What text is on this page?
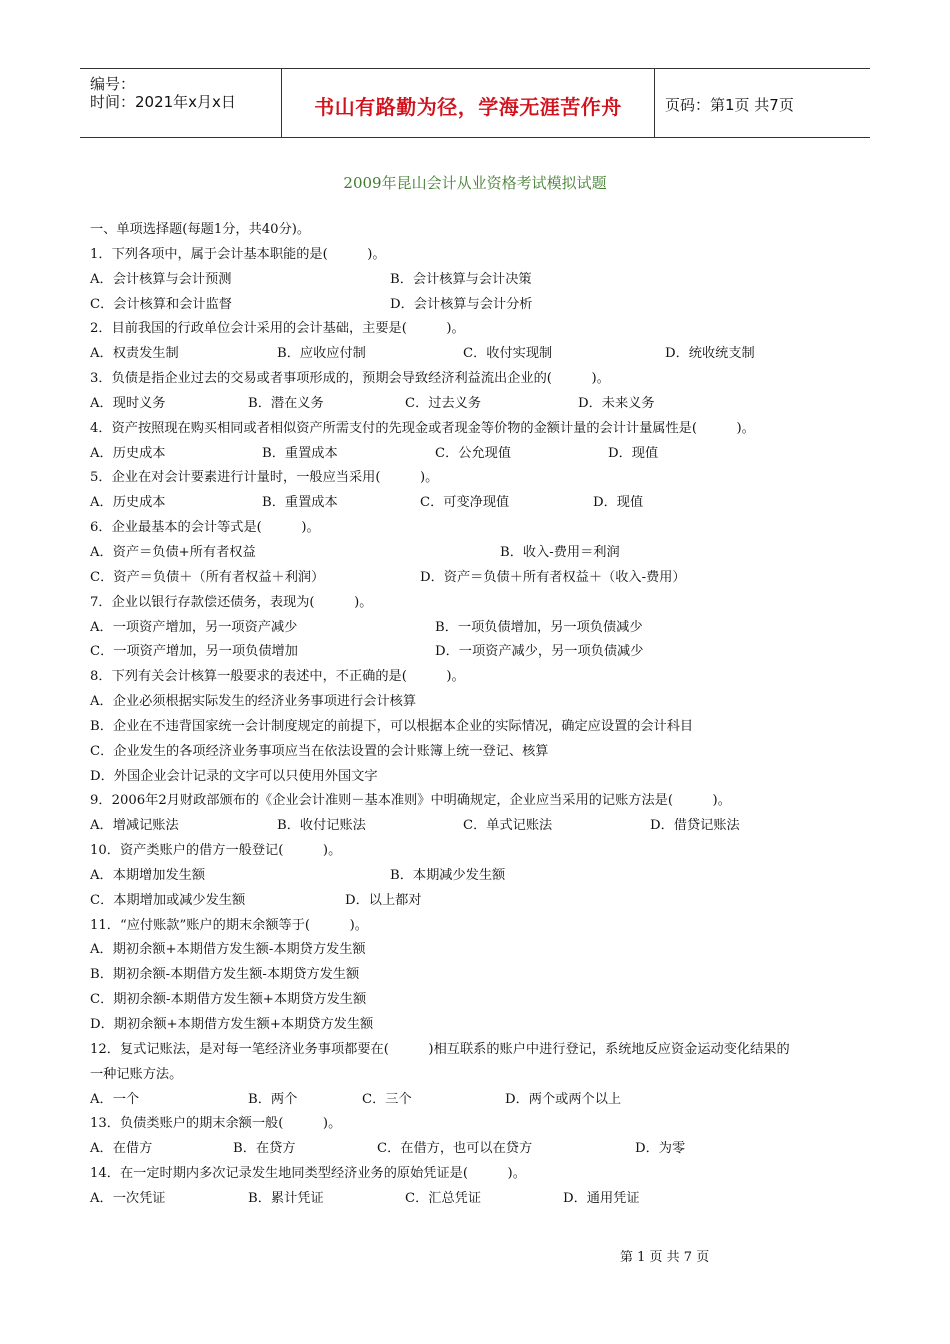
编号：
时间：2021年x月x日	书山有路勤为径，学海无涯苦作舟	页码：第1页 共7页
2009年昆山会计从业资格考试模拟试题
一、单项选择题(每题1分，共40分)。
1．下列各项中，属于会计基本职能的是(　　　)。
A．会计核算与会计预测	B．会计核算与会计决策
C．会计核算和会计监督	D．会计核算与会计分析
2．目前我国的行政单位会计采用的会计基础，主要是(　　　)。
A．权责发生制	B．应收应付制	C．收付实现制	D．统收统支制
3．负债是指企业过去的交易或者事项形成的，预期会导致经济利益流出企业的(　　　)。
A．现时义务	B．潜在义务	C．过去义务	D．未来义务
4．资产按照现在购买相同或者相似资产所需支付的先现金或者现金等价物的金额计量的会计计量属性是(　　　)。
A．历史成本	B．重置成本	C．公允现值	D．现值
5．企业在对会计要素进行计量时，一般应当采用(　　　)。
A．历史成本	B．重置成本	C．可变净现值	D．现值
6．企业最基本的会计等式是(　　　)。
A．资产＝负债+所有者权益	B．收入-费用＝利润
C．资产＝负债＋（所有者权益＋利润）	D．资产＝负债＋所有者权益＋（收入-费用）
7．企业以银行存款偿还债务，表现为(　　　)。
A．一项资产增加，另一项资产减少	B．一项负债增加，另一项负债减少
C．一项资产增加，另一项负债增加	D．一项资产减少，另一项负债减少
8．下列有关会计核算一般要求的表述中，不正确的是(　　　)。
A．企业必须根据实际发生的经济业务事项进行会计核算
B．企业在不违背国家统一会计制度规定的前提下，可以根据本企业的实际情况，确定应设置的会计科目
C．企业发生的各项经济业务事项应当在依法设置的会计账簿上统一登记、核算
D．外国企业会计记录的文字可以只使用外国文字
9．2006年2月财政部颁布的《企业会计准则－基本准则》中明确规定，企业应当采用的记账方法是(　　　)。
A．增减记账法	B．收付记账法	C．单式记账法	D．借贷记账法
10．资产类账户的借方一般登记(　　　)。
A．本期增加发生额	B．本期减少发生额
C．本期增加或减少发生额	D．以上都对
11．“应付账款”账户的期末余额等于(　　　)。
A．期初余额+本期借方发生额-本期贷方发生额
B．期初余额-本期借方发生额-本期贷方发生额
C．期初余额-本期借方发生额+本期贷方发生额
D．期初余额+本期借方发生额+本期贷方发生额
12．复式记账法，是对每一笔经济业务事项都要在(　　　)相互联系的账户中进行登记，系统地反应资金运动变化结果的
一种记账方法。
A．一个	B．两个	C．三个	D．两个或两个以上
13．负债类账户的期末余额一般(　　　)。
A．在借方	B．在贷方	C．在借方，也可以在贷方	D．为零
14．在一定时期内多次记录发生地同类型经济业务的原始凭证是(　　　)。
A．一次凭证	B．累计凭证	C．汇总凭证	D．通用凭证
第 1 页 共 7 页
